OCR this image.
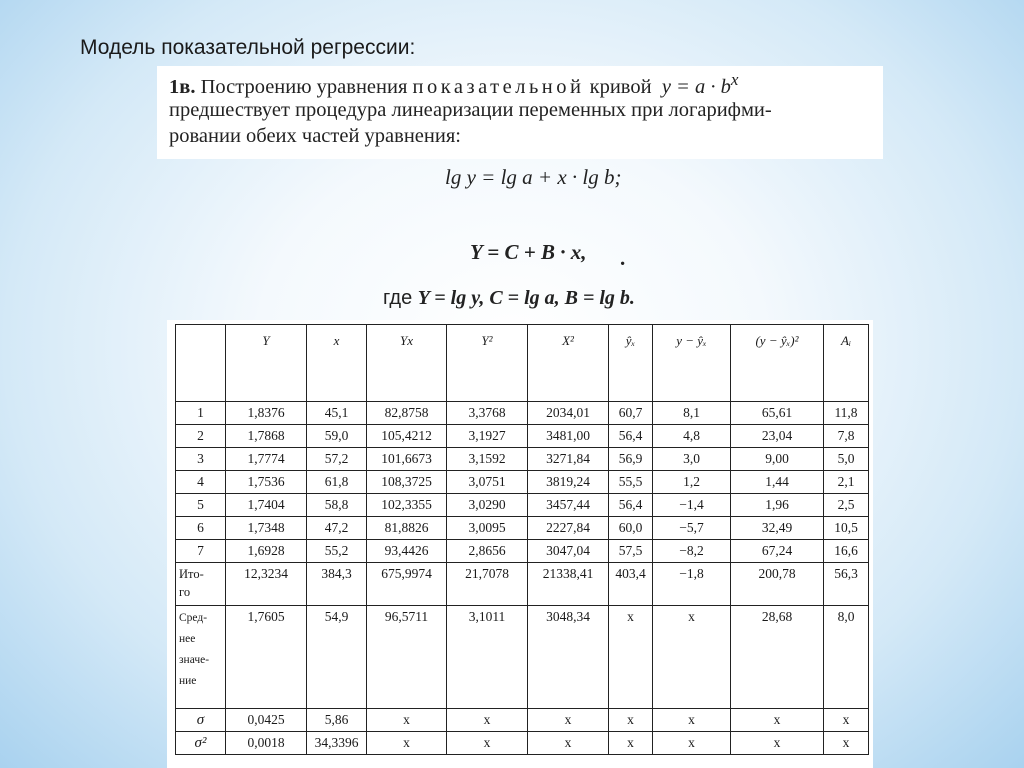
Модель показательной регрессии:
1в. Построению уравнения показательной кривой $y = a \cdot b^x$
предшествует процедура линеаризации переменных при логарифми-
ровании обеих частей уравнения:
lg y = lg a + x · lg b;
Y = C + B · x, .
где Y = lg y, C = lg a, B = lg b.
	Y	x	Yx	Y²	X²	ŷₓ	y − ŷₓ	(y − ŷₓ)²	Aᵢ
1	1,8376	45,1	82,8758	3,3768	2034,01	60,7	8,1	65,61	11,8
2	1,7868	59,0	105,4212	3,1927	3481,00	56,4	4,8	23,04	7,8
3	1,7774	57,2	101,6673	3,1592	3271,84	56,9	3,0	9,00	5,0
4	1,7536	61,8	108,3725	3,0751	3819,24	55,5	1,2	1,44	2,1
5	1,7404	58,8	102,3355	3,0290	3457,44	56,4	−1,4	1,96	2,5
6	1,7348	47,2	81,8826	3,0095	2227,84	60,0	−5,7	32,49	10,5
7	1,6928	55,2	93,4426	2,8656	3047,04	57,5	−8,2	67,24	16,6
Ито-
го	12,3234	384,3	675,9974	21,7078	21338,41	403,4	−1,8	200,78	56,3
Сред-
нее
значе-
ние	1,7605	54,9	96,5711	3,1011	3048,34	x	x	28,68	8,0
σ	0,0425	5,86	x	x	x	x	x	x	x
σ²	0,0018	34,3396	x	x	x	x	x	x	x
